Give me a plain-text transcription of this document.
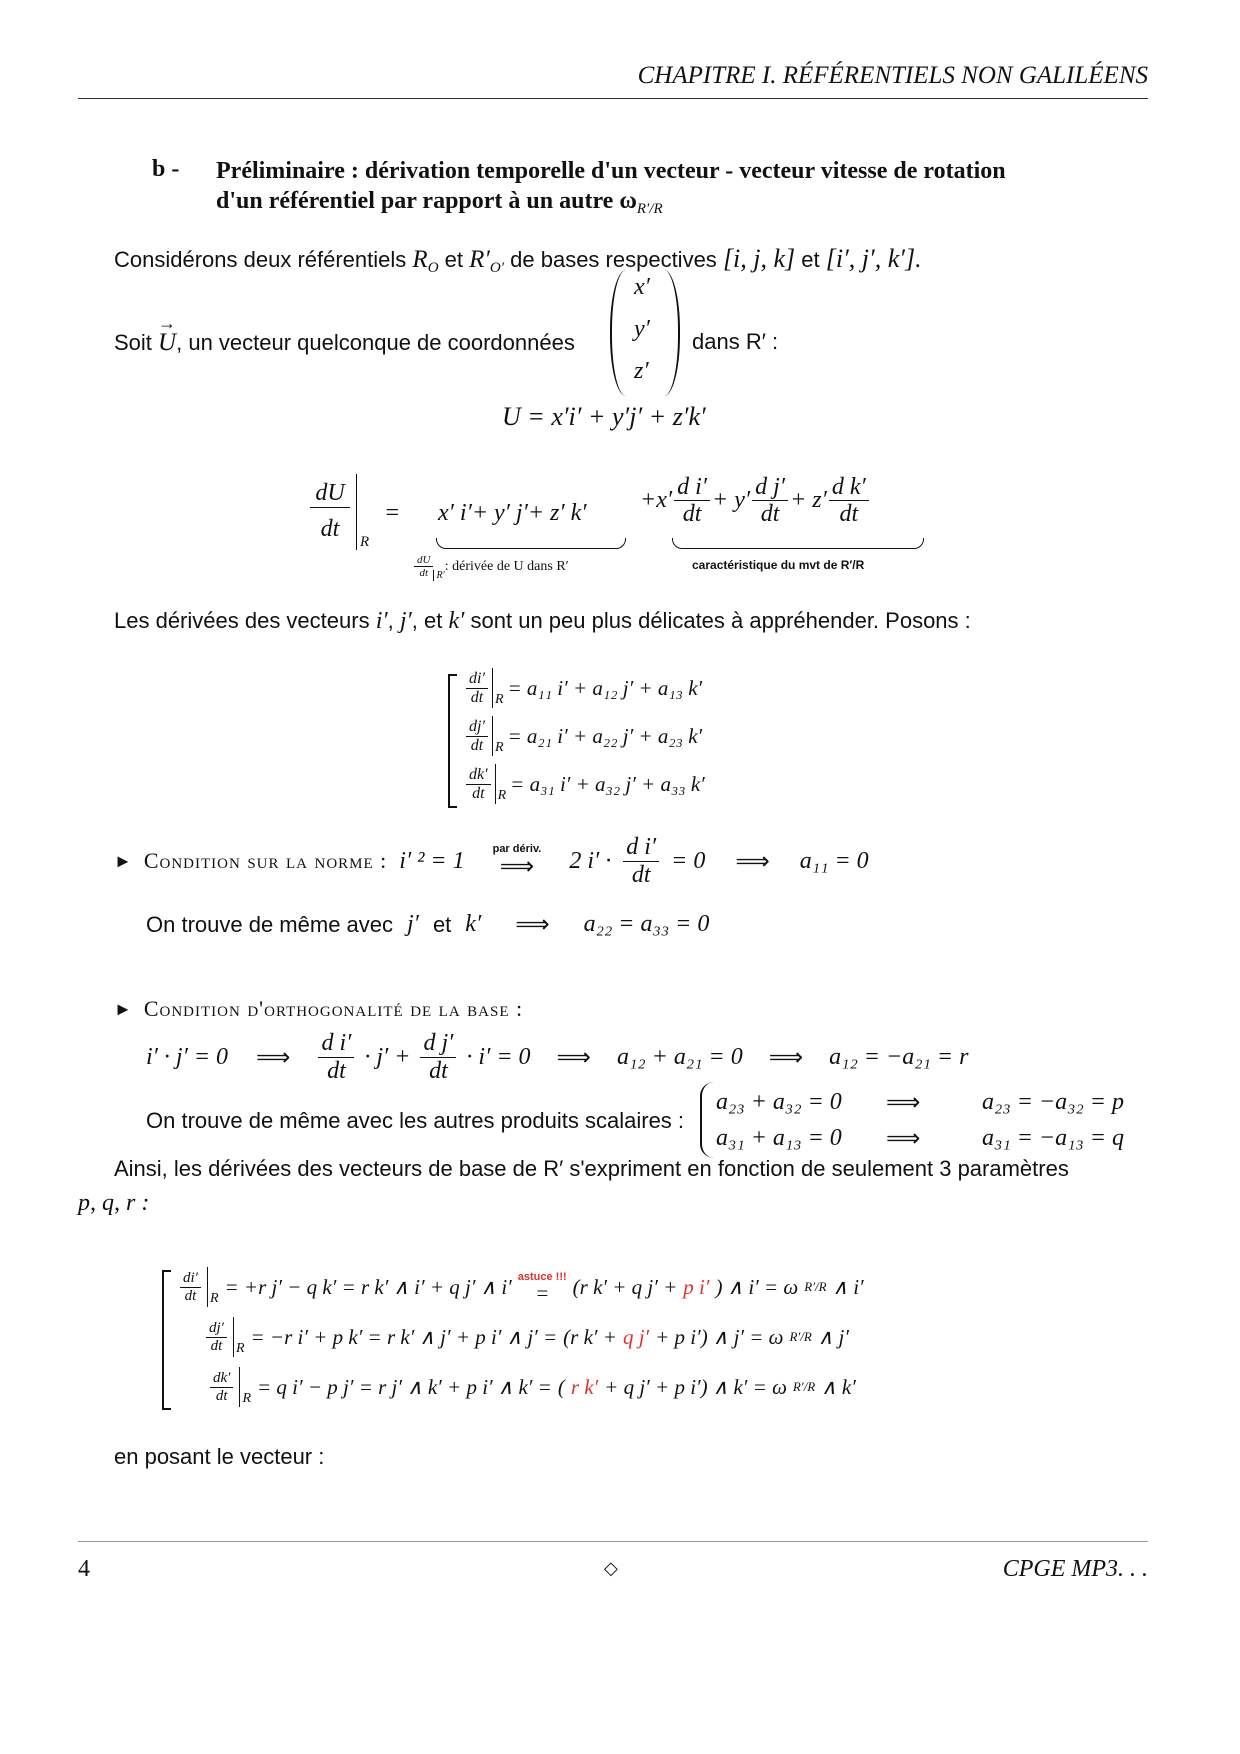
CHAPITRE I. RÉFÉRENTIELS NON GALILÉENS
b - Préliminaire : dérivation temporelle d'un vecteur - vecteur vitesse de rotation
d'un référentiel par rapport à un autre $\omega_{R'/R}$
Considérons deux référentiels $R_O$ et $R'_{O'}$ de bases respectives [i, j, k] et [i′, j′, k′].
Soit → U, un vecteur quelconque de coordonnées
x′
y′
z′
dans R′ :
U = x′i′ + y′j′ + z′k′
dU
dt	R
= x′ i′+ y′ j′+ z′ k′
$\frac{dU}{dt} _{R'}$: dérivée de U dans R′
$+x' \frac{\text{d i′}}{dt} + y' \frac{\text{d j′}}{dt} + z' \frac{\text{d k′}}{dt}$
caractéristique du mvt de R′/R
Les dérivées des vecteurs i′, j′, et k′ sont un peu plus délicates à appréhender. Posons :
$\frac{di'}{dt}$ R = a₁₁ i′ + a₁₂ j′ + a₁₃ k′
$\frac{dj'}{dt}$ R = a₂₁ i′ + a₂₂ j′ + a₂₃ k′
$\frac{dk'}{dt}$ R = a₃₁ i′ + a₃₂ j′ + a₃₃ k′
► Condition sur la norme : i′ ² = 1	par dériv.
⟹ 2 $i' \cdot \frac{\text{d i′}}{dt} = 0$ ⟹ a₁₁ = 0
On trouve de même avec j′ et k′ ⟹ a₂₂ = a₃₃ = 0
► Condition d'orthogonalité de la base :
i′ · j′ = 0 ⟹ $\frac{\text{d i′}}{dt} \cdot j' + \frac{\text{d j′}}{dt} \cdot i' = 0$ ⟹ a₁₂ + a₂₁ = 0 ⟹ a₁₂ = −a₂₁ = r
On trouve de même avec les autres produits scalaires :
a₂₃ + a₃₂ = 0	⟹	a₂₃ = −a₃₂ = p
a₃₁ + a₁₃ = 0	⟹	a₃₁ = −a₁₃ = q
Ainsi, les dérivées des vecteurs de base de R′ s'expriment en fonction de seulement 3 paramètres
p, q, r :
$\frac{di'}{dt}$ R = +r j′ − q k′ = r k′ ∧ i′ + q j′ ∧ i′ astuce !!!
= (r k′ + q j′ + p i′ ) ∧ i′ = ω R′/R ∧ i′
$\frac{dj'}{dt}$ R = −r i′ + p k′ = r k′ ∧ j′ + p i′ ∧ j′ = (r k′ + q j′ + p i′) ∧ j′ = ω R′/R ∧ j′
$\frac{dk'}{dt}$ R = q i′ − p j′ = r j′ ∧ k′ + p i′ ∧ k′ = ( r k′ + q j′ + p i′) ∧ k′ = ω R′/R ∧ k′
en posant le vecteur :
4	◇	CPGE MP3. . .
